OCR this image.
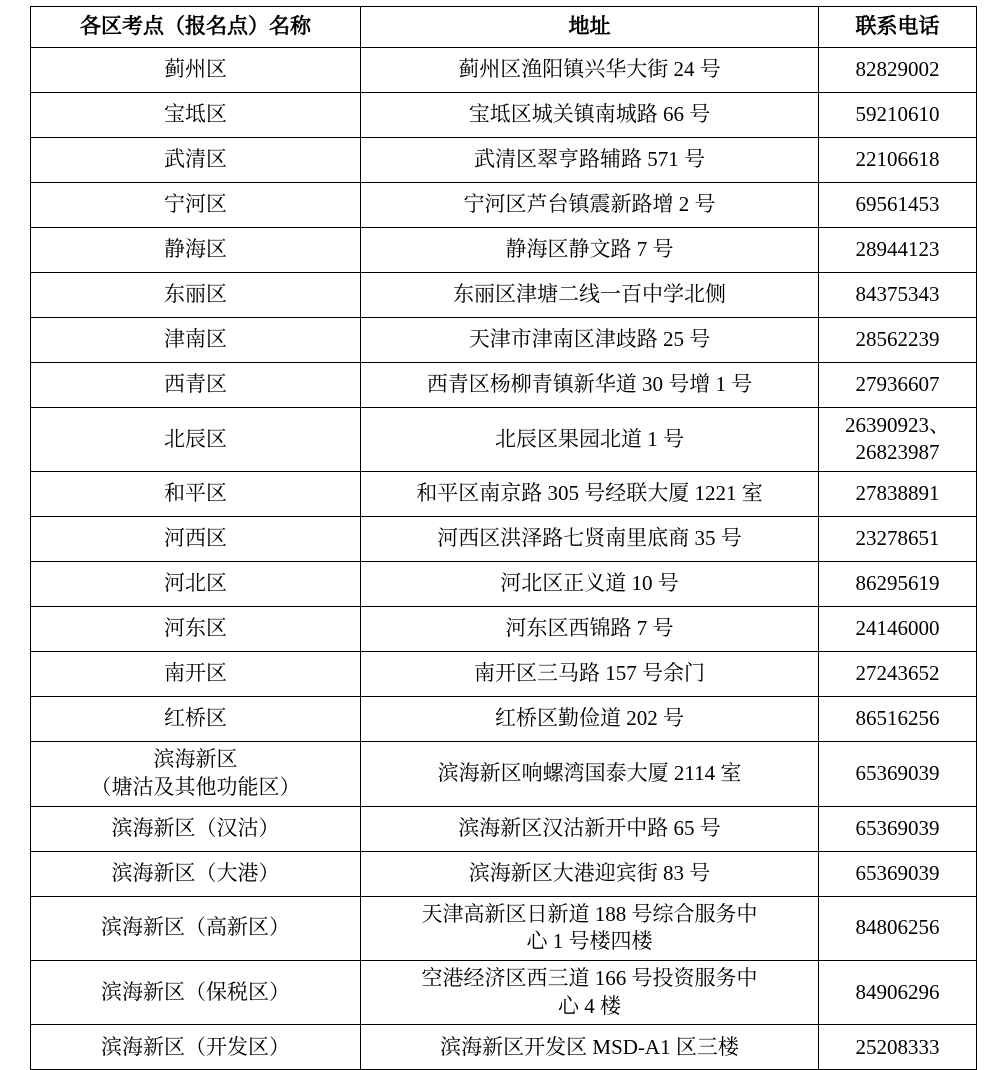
各区考点（报名点）名称	地址	联系电话
蓟州区	蓟州区渔阳镇兴华大街 24 号	82829002
宝坻区	宝坻区城关镇南城路 66 号	59210610
武清区	武清区翠亨路辅路 571 号	22106618
宁河区	宁河区芦台镇震新路增 2 号	69561453
静海区	静海区静文路 7 号	28944123
东丽区	东丽区津塘二线一百中学北侧	84375343
津南区	天津市津南区津歧路 25 号	28562239
西青区	西青区杨柳青镇新华道 30 号增 1 号	27936607
北辰区	北辰区果园北道 1 号	26390923、
26823987

和平区	和平区南京路 305 号经联大厦 1221 室	27838891
河西区	河西区洪泽路七贤南里底商 35 号	23278651
河北区	河北区正义道 10 号	86295619
河东区	河东区西锦路 7 号	24146000
南开区	南开区三马路 157 号余门	27243652
红桥区	红桥区勤俭道 202 号	86516256

滨海新区
（塘沽及其他功能区）	滨海新区响螺湾国泰大厦 2114 室	65369039
滨海新区（汉沽）	滨海新区汉沽新开中路 65 号	65369039
滨海新区（大港）	滨海新区大港迎宾街 83 号	65369039
滨海新区（高新区）	天津高新区日新道 188 号综合服务中
心 1 号楼四楼	84806256
滨海新区（保税区）	空港经济区西三道 166 号投资服务中
心 4 楼	84906296
滨海新区（开发区）	滨海新区开发区 MSD-A1 区三楼	25208333
